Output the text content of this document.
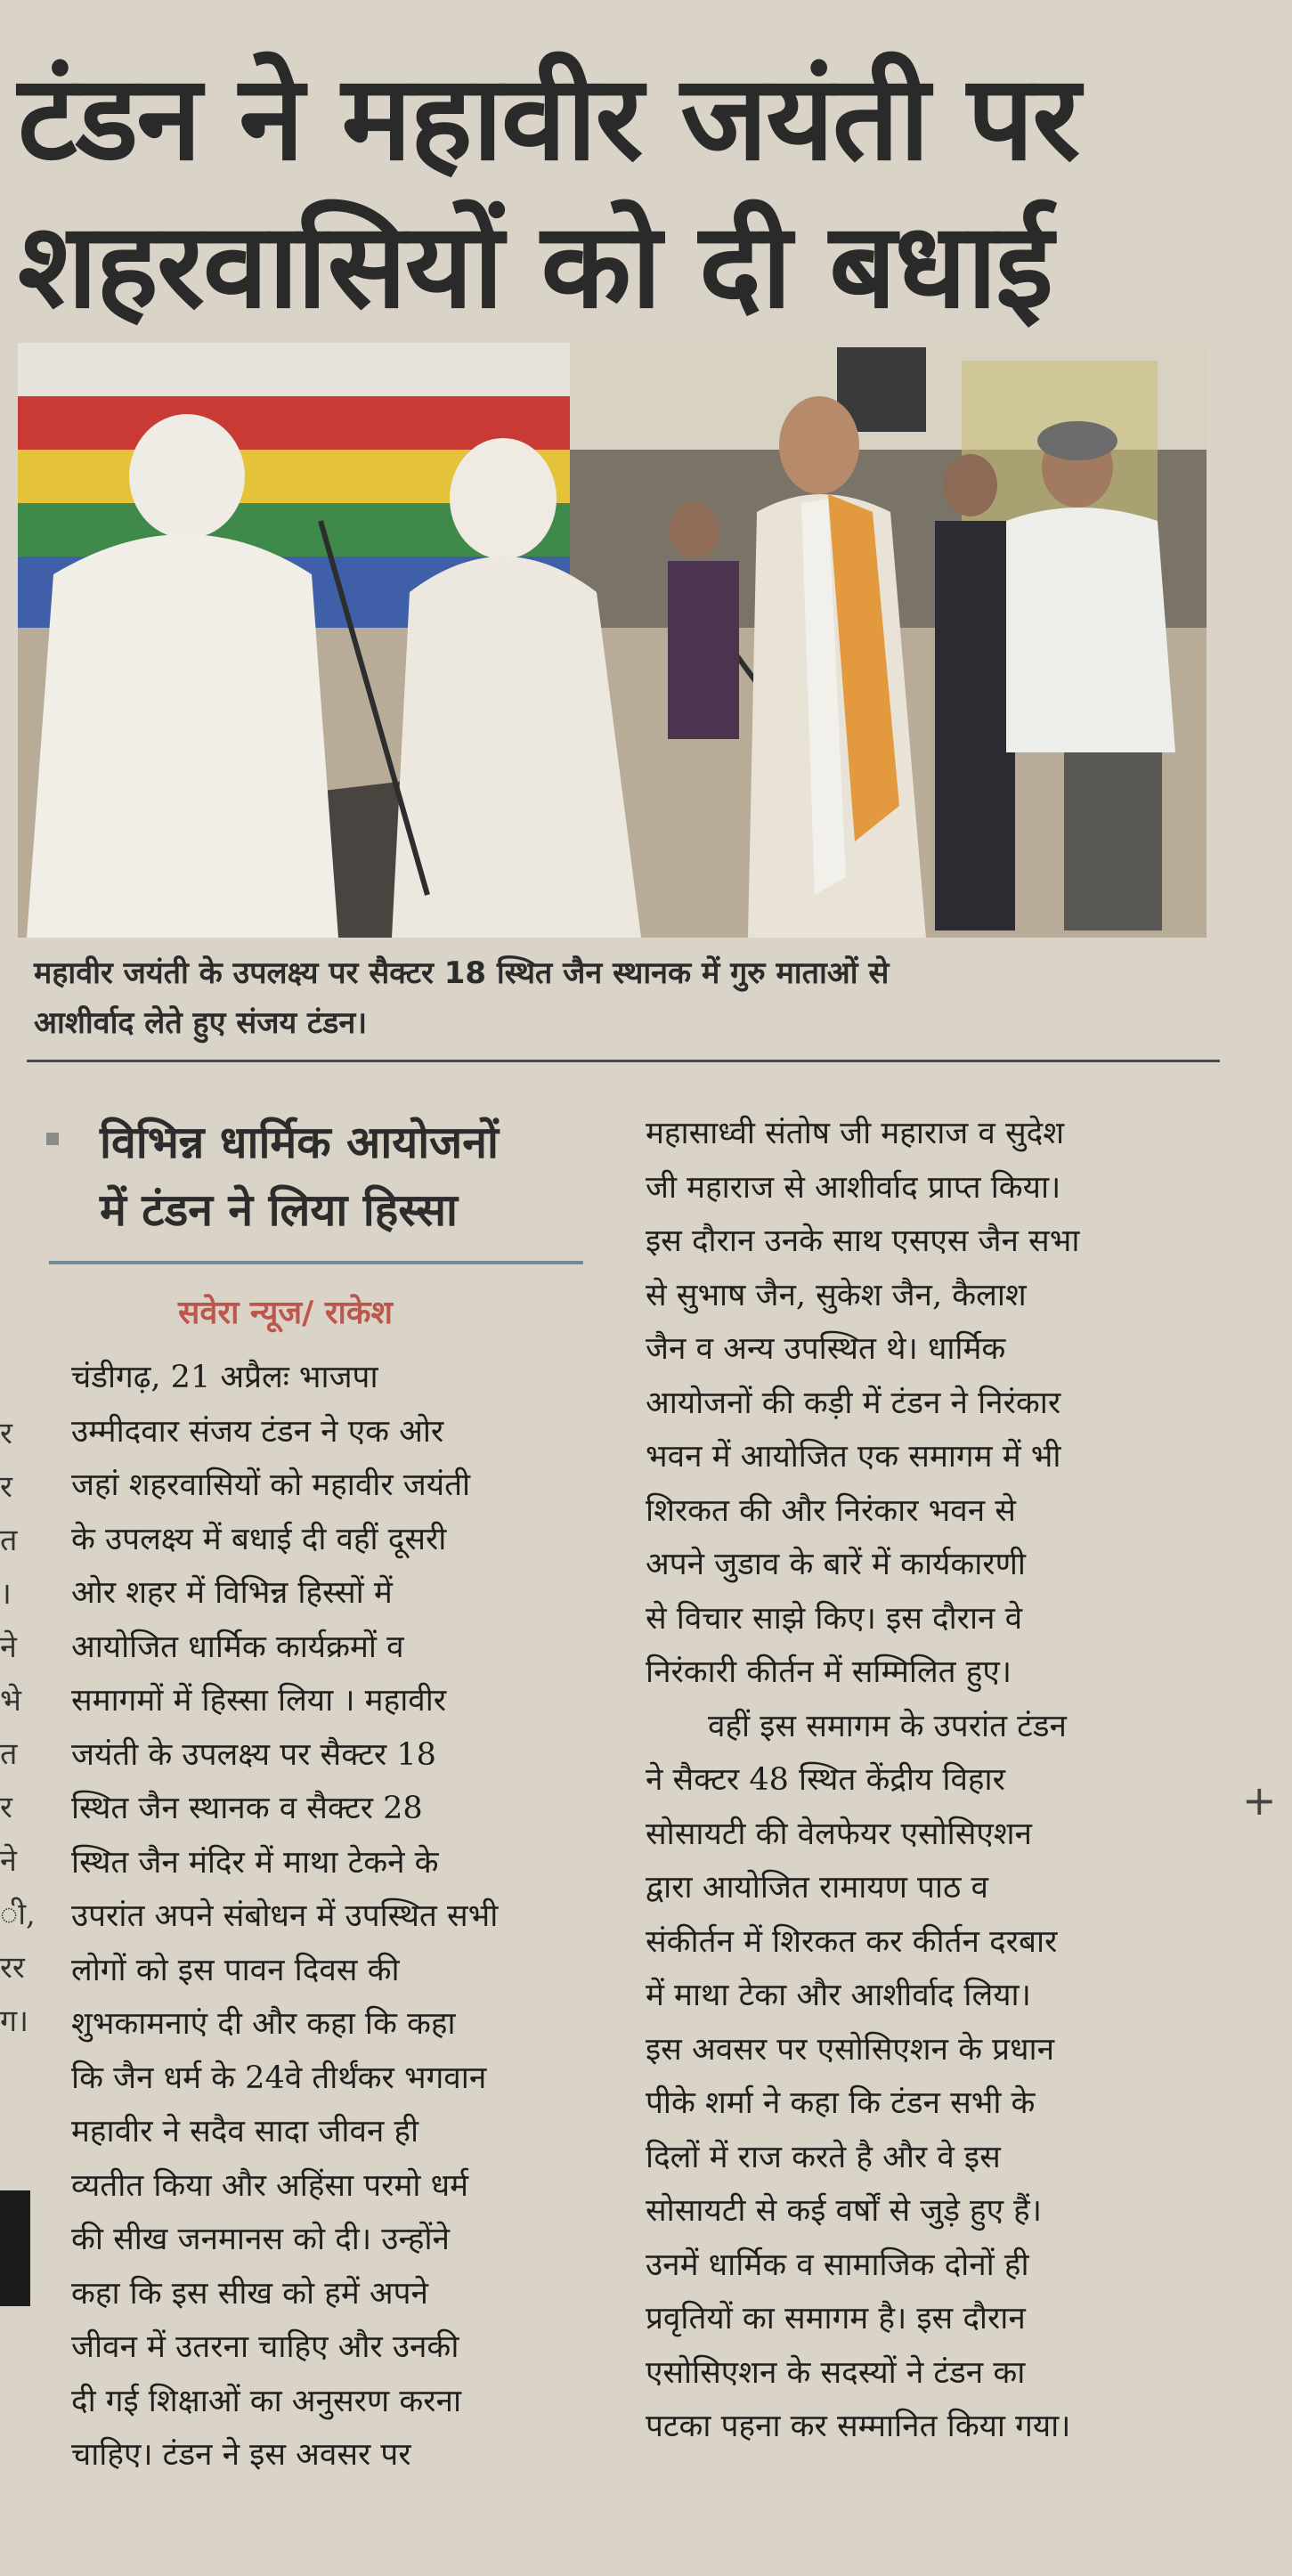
टंडन ने महावीर जयंती पर
शहरवासियों को दी बधाई

महावीर जयंती के उपलक्ष्य पर सैक्टर 18 स्थित जैन स्थानक में गुरु माताओं से
आशीर्वाद लेते हुए संजय टंडन।

विभिन्न धार्मिक आयोजनों
में टंडन ने लिया हिस्सा
सवेरा न्यूज/ राकेश
चंडीगढ़, 21 अप्रैलः भाजपा
उम्मीदवार संजय टंडन ने एक ओर
जहां शहरवासियों को महावीर जयंती
के उपलक्ष्य में बधाई दी वहीं दूसरी
ओर शहर में विभिन्न हिस्सों में
आयोजित धार्मिक कार्यक्रमों व
समागमों में हिस्सा लिया । महावीर
जयंती के उपलक्ष्य पर सैक्टर 18
स्थित जैन स्थानक व सैक्टर 28
स्थित जैन मंदिर में माथा टेकने के
उपरांत अपने संबोधन में उपस्थित सभी
लोगों को इस पावन दिवस की
शुभकामनाएं दी और कहा कि कहा
कि जैन धर्म के 24वे तीर्थंकर भगवान
महावीर ने सदैव सादा जीवन ही
व्यतीत किया और अहिंसा परमो धर्म
की सीख जनमानस को दी। उन्होंने
कहा कि इस सीख को हमें अपने
जीवन में उतरना चाहिए और उनकी
दी गई शिक्षाओं का अनुसरण करना
चाहिए। टंडन ने इस अवसर पर
महासाध्वी संतोष जी महाराज व सुदेश
जी महाराज से आशीर्वाद प्राप्त किया।
इस दौरान उनके साथ एसएस जैन सभा
से सुभाष जैन, सुकेश जैन, कैलाश
जैन व अन्य उपस्थित थे। धार्मिक
आयोजनों की कड़ी में टंडन ने निरंकार
भवन में आयोजित एक समागम में भी
शिरकत की और निरंकार भवन से
अपने जुडाव के बारें में कार्यकारणी
से विचार साझे किए। इस दौरान वे
निरंकारी कीर्तन में सम्मिलित हुए।
वहीं इस समागम के उपरांत टंडन
ने सैक्टर 48 स्थित केंद्रीय विहार
सोसायटी की वेलफेयर एसोसिएशन
द्वारा आयोजित रामायण पाठ व
संकीर्तन में शिरकत कर कीर्तन दरबार
में माथा टेका और आशीर्वाद लिया।
इस अवसर पर एसोसिएशन के प्रधान
पीके शर्मा ने कहा कि टंडन सभी के
दिलों में राज करते है और वे इस
सोसायटी से कई वर्षों से जुड़े हुए हैं।
उनमें धार्मिक व सामाजिक दोनों ही
प्रवृतियों का समागम है। इस दौरान
एसोसिएशन के सदस्यों ने टंडन का
पटका पहना कर सम्मानित किया गया।
र
र
त
।
ने
भे
त
र
ने
ी,
रर
ग।
+
